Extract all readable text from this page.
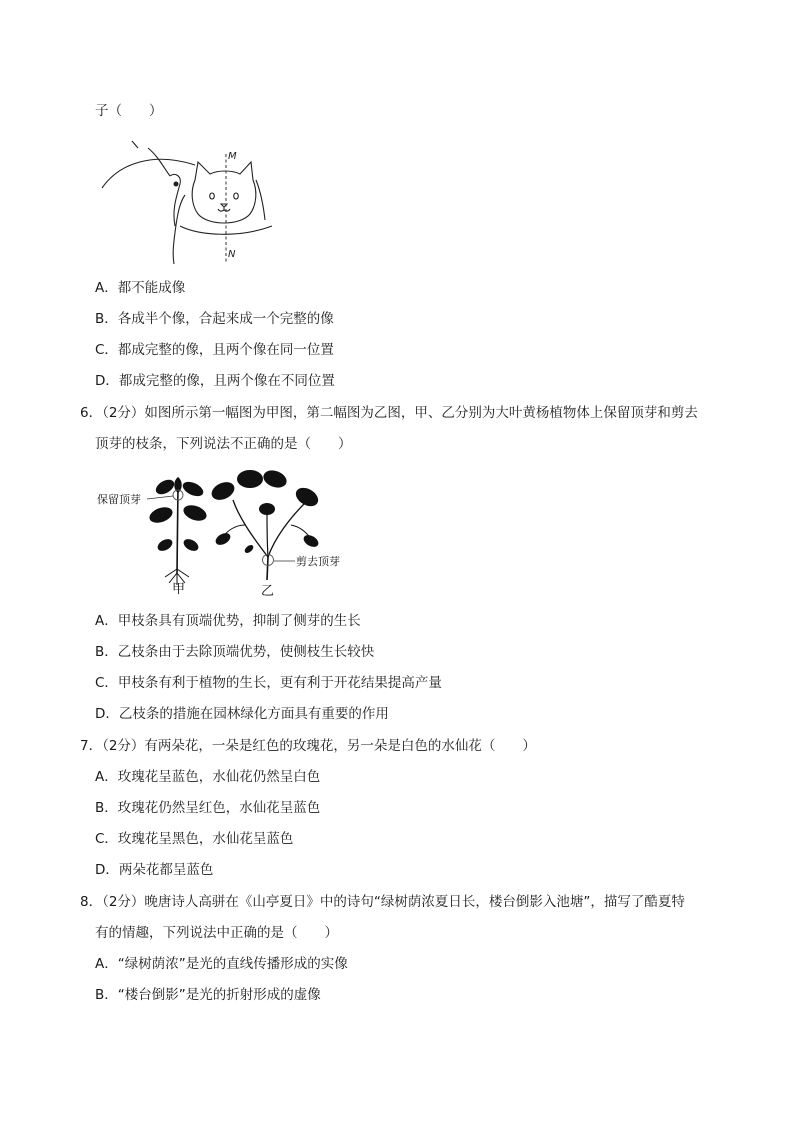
子（　　）
M
N
A．都不能成像
B．各成半个像，合起来成一个完整的像
C．都成完整的像，且两个像在同一位置
D．都成完整的像，且两个像在不同位置
6．（2分）如图所示第一幅图为甲图，第二幅图为乙图，甲、乙分别为大叶黄杨植物体上保留顶芽和剪去
顶芽的枝条，下列说法不正确的是（　　）
保留顶芽
甲
剪去顶芽
乙
A．甲枝条具有顶端优势，抑制了侧芽的生长
B．乙枝条由于去除顶端优势，使侧枝生长较快
C．甲枝条有利于植物的生长，更有利于开花结果提高产量
D．乙枝条的措施在园林绿化方面具有重要的作用
7．（2分）有两朵花，一朵是红色的玫瑰花，另一朵是白色的水仙花（　　）
A．玫瑰花呈蓝色，水仙花仍然呈白色
B．玫瑰花仍然呈红色，水仙花呈蓝色
C．玫瑰花呈黑色，水仙花呈蓝色
D．两朵花都呈蓝色
8．（2分）晚唐诗人高骈在《山亭夏日》中的诗句“绿树荫浓夏日长，楼台倒影入池塘”，描写了酷夏特
有的情趣，下列说法中正确的是（　　）
A．“绿树荫浓”是光的直线传播形成的实像
B．“楼台倒影”是光的折射形成的虚像
